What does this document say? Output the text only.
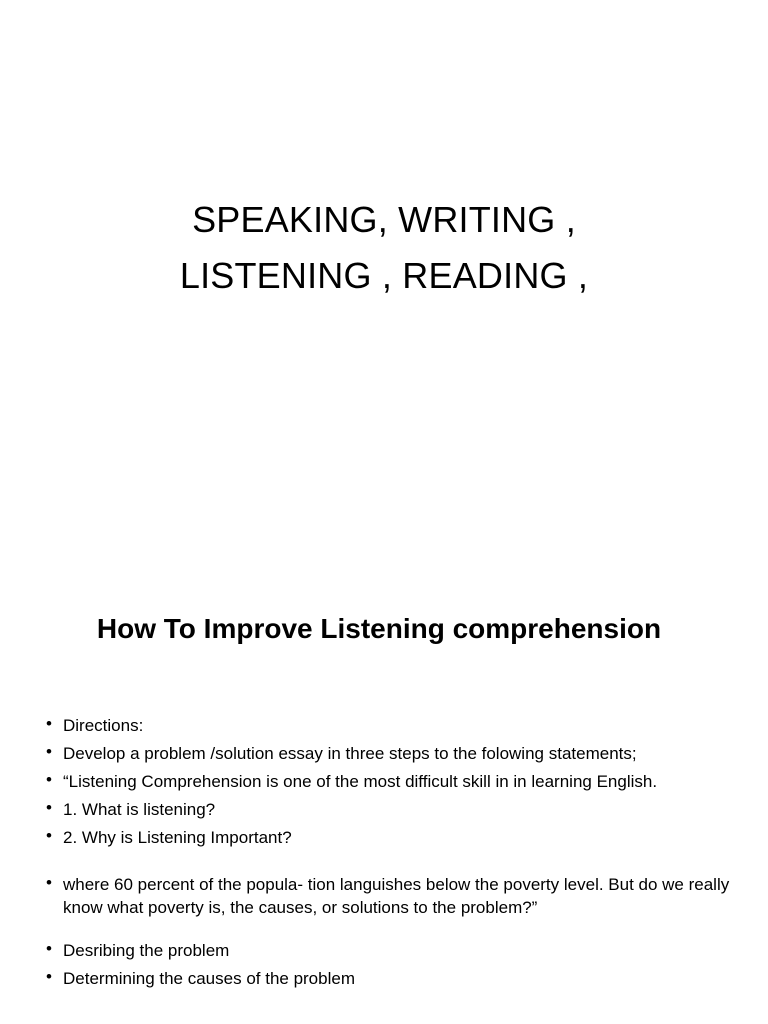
SPEAKING, WRITING ,
LISTENING , READING ,
How To Improve Listening comprehension
• Directions:
• Develop a problem /solution essay in three steps to the folowing statements;
• “Listening Comprehension is one of the most difficult skill in in learning English.
• 1. What is listening?
• 2. Why is Listening Important?
• where 60 percent of the popula- tion languishes below the poverty level. But do we really know what poverty is, the causes, or solutions to the problem?”
• Desribing the problem
• Determining the causes of the problem
